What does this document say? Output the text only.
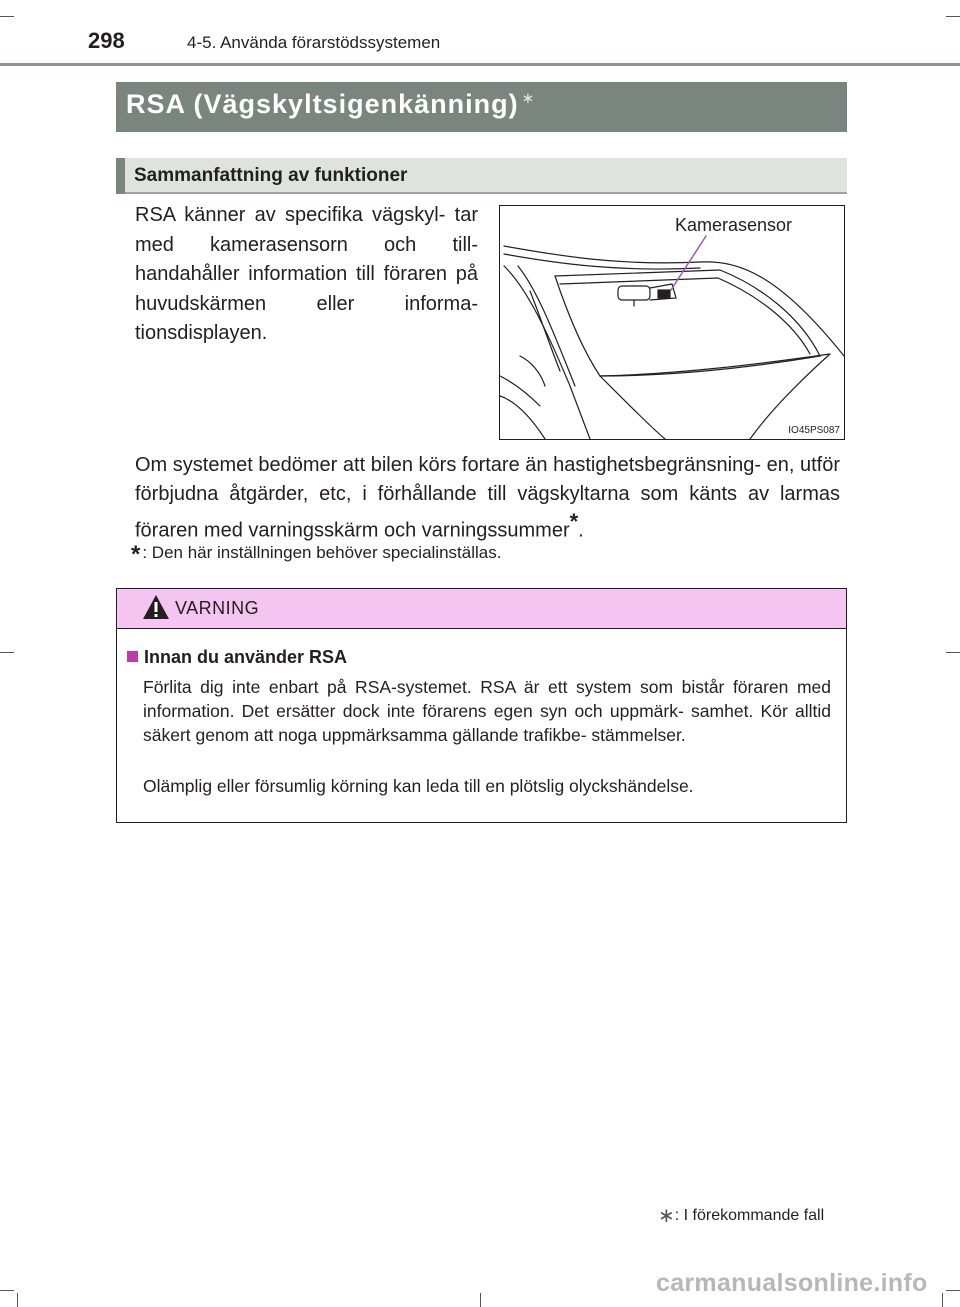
298	4-5. Använda förarstödssystemen
RSA (Vägskyltsigenkänning) ∗
Sammanfattning av funktioner
RSA känner av specifika vägskyl- tar med kamerasensorn och till- handahåller information till föraren på huvudskärmen eller informa- tionsdisplayen.
Kamerasensor
IO45PS087
Om systemet bedömer att bilen körs fortare än hastighetsbegränsning- en, utför förbjudna åtgärder, etc, i förhållande till vägskyltarna som känts av larmas föraren med varningsskärm och varningssummer*.
* : Den här inställningen behöver specialinställas.
VARNING
Innan du använder RSA
Förlita dig inte enbart på RSA-systemet. RSA är ett system som bistår föraren med information. Det ersätter dock inte förarens egen syn och uppmärk- samhet. Kör alltid säkert genom att noga uppmärksamma gällande trafikbe- stämmelser.
Olämplig eller försumlig körning kan leda till en plötslig olyckshändelse.
∗: I förekommande fall
carmanualsonline.info
